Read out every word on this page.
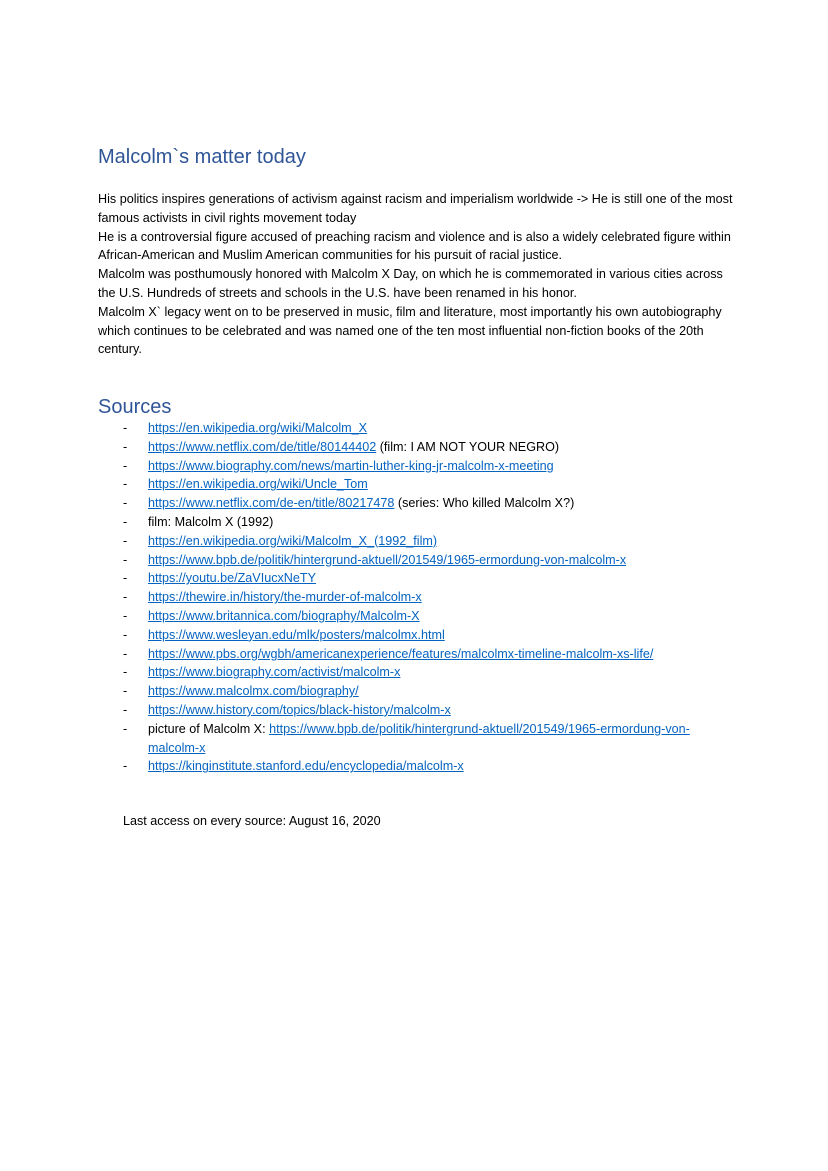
Malcolm`s matter today

His politics inspires generations of activism against racism and imperialism worldwide -> He is still one of the most famous activists in civil rights movement today

He is a controversial figure accused of preaching racism and violence and is also a widely celebrated figure within African-American and Muslim American communities for his pursuit of racial justice.

Malcolm was posthumously honored with Malcolm X Day, on which he is commemorated in various cities across the U.S. Hundreds of streets and schools in the U.S. have been renamed in his honor.

Malcolm X` legacy went on to be preserved in music, film and literature, most importantly his own autobiography which continues to be celebrated and was named one of the ten most influential non-fiction books of the 20th century.

Sources
- https://en.wikipedia.org/wiki/Malcolm_X
- https://www.netflix.com/de/title/80144402 (film: I AM NOT YOUR NEGRO)
- https://www.biography.com/news/martin-luther-king-jr-malcolm-x-meeting
- https://en.wikipedia.org/wiki/Uncle_Tom
- https://www.netflix.com/de-en/title/80217478 (series: Who killed Malcolm X?)
- film: Malcolm X (1992)
- https://en.wikipedia.org/wiki/Malcolm_X_(1992_film)
- https://www.bpb.de/politik/hintergrund-aktuell/201549/1965-ermordung-von-malcolm-x
- https://youtu.be/ZaVIucxNeTY
- https://thewire.in/history/the-murder-of-malcolm-x
- https://www.britannica.com/biography/Malcolm-X
- https://www.wesleyan.edu/mlk/posters/malcolmx.html
- https://www.pbs.org/wgbh/americanexperience/features/malcolmx-timeline-malcolm-xs-life/
- https://www.biography.com/activist/malcolm-x
- https://www.malcolmx.com/biography/
- https://www.history.com/topics/black-history/malcolm-x
- picture of Malcolm X: https://www.bpb.de/politik/hintergrund-aktuell/201549/1965-ermordung-von-malcolm-x
- https://kinginstitute.stanford.edu/encyclopedia/malcolm-x

Last access on every source: August 16, 2020
